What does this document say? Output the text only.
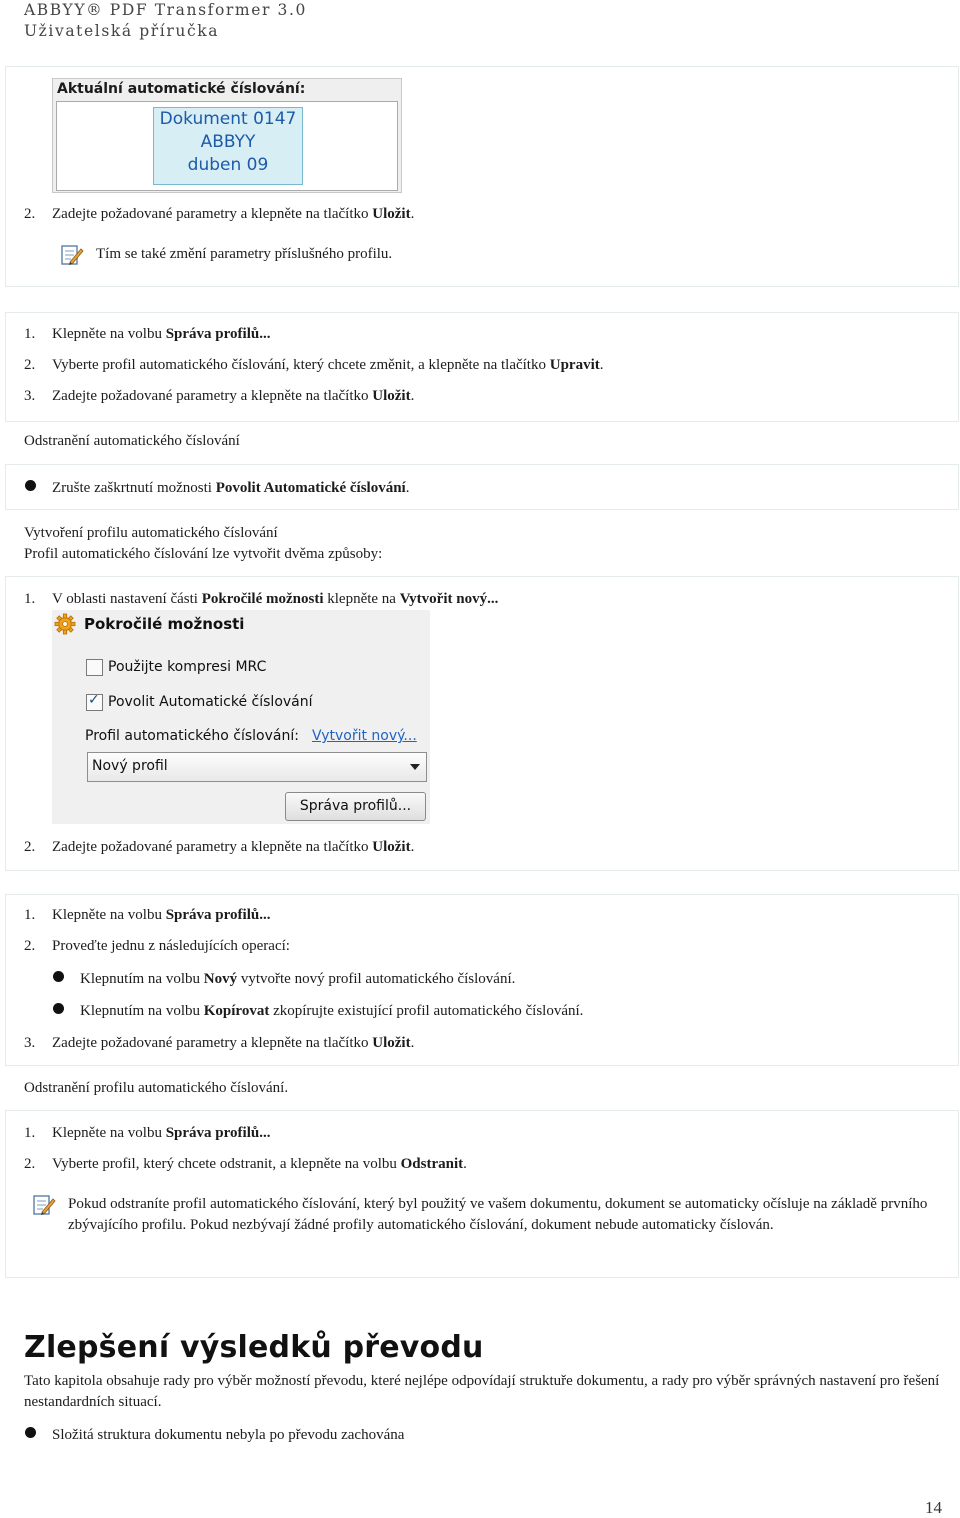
ABBYY® PDF Transformer 3.0
Uživatelská příručka
Aktuální automatické číslování:
Dokument 0147
ABBYY
duben 09
2. Zadejte požadované parametry a klepněte na tlačítko Uložit.
Tím se také změní parametry příslušného profilu.
1. Klepněte na volbu Správa profilů...
2. Vyberte profil automatického číslování, který chcete změnit, a klepněte na tlačítko Upravit.
3. Zadejte požadované parametry a klepněte na tlačítko Uložit.
Odstranění automatického číslování
Zrušte zaškrtnutí možnosti Povolit Automatické číslování.
Vytvoření profilu automatického číslování
Profil automatického číslování lze vytvořit dvěma způsoby:
1. V oblasti nastavení části Pokročilé možnosti klepněte na Vytvořit nový...
Pokročilé možnosti
Použijte kompresi MRC
✓
Povolit Automatické číslování
Profil automatického číslování: Vytvořit nový...
Nový profil
Správa profilů...
2. Zadejte požadované parametry a klepněte na tlačítko Uložit.
1. Klepněte na volbu Správa profilů...
2. Proveďte jednu z následujících operací:
Klepnutím na volbu Nový vytvořte nový profil automatického číslování.
Klepnutím na volbu Kopírovat zkopírujte existující profil automatického číslování.
3. Zadejte požadované parametry a klepněte na tlačítko Uložit.
Odstranění profilu automatického číslování.
1. Klepněte na volbu Správa profilů...
2. Vyberte profil, který chcete odstranit, a klepněte na volbu Odstranit.
Pokud odstraníte profil automatického číslování, který byl použitý ve vašem dokumentu, dokument se automaticky očísluje na základě prvního zbývajícího profilu. Pokud nezbývají žádné profily automatického číslování, dokument nebude automaticky číslován.
Zlepšení výsledků převodu
Tato kapitola obsahuje rady pro výběr možností převodu, které nejlépe odpovídají struktuře dokumentu, a rady pro výběr správných nastavení pro řešení nestandardních situací.
Složitá struktura dokumentu nebyla po převodu zachována
14
